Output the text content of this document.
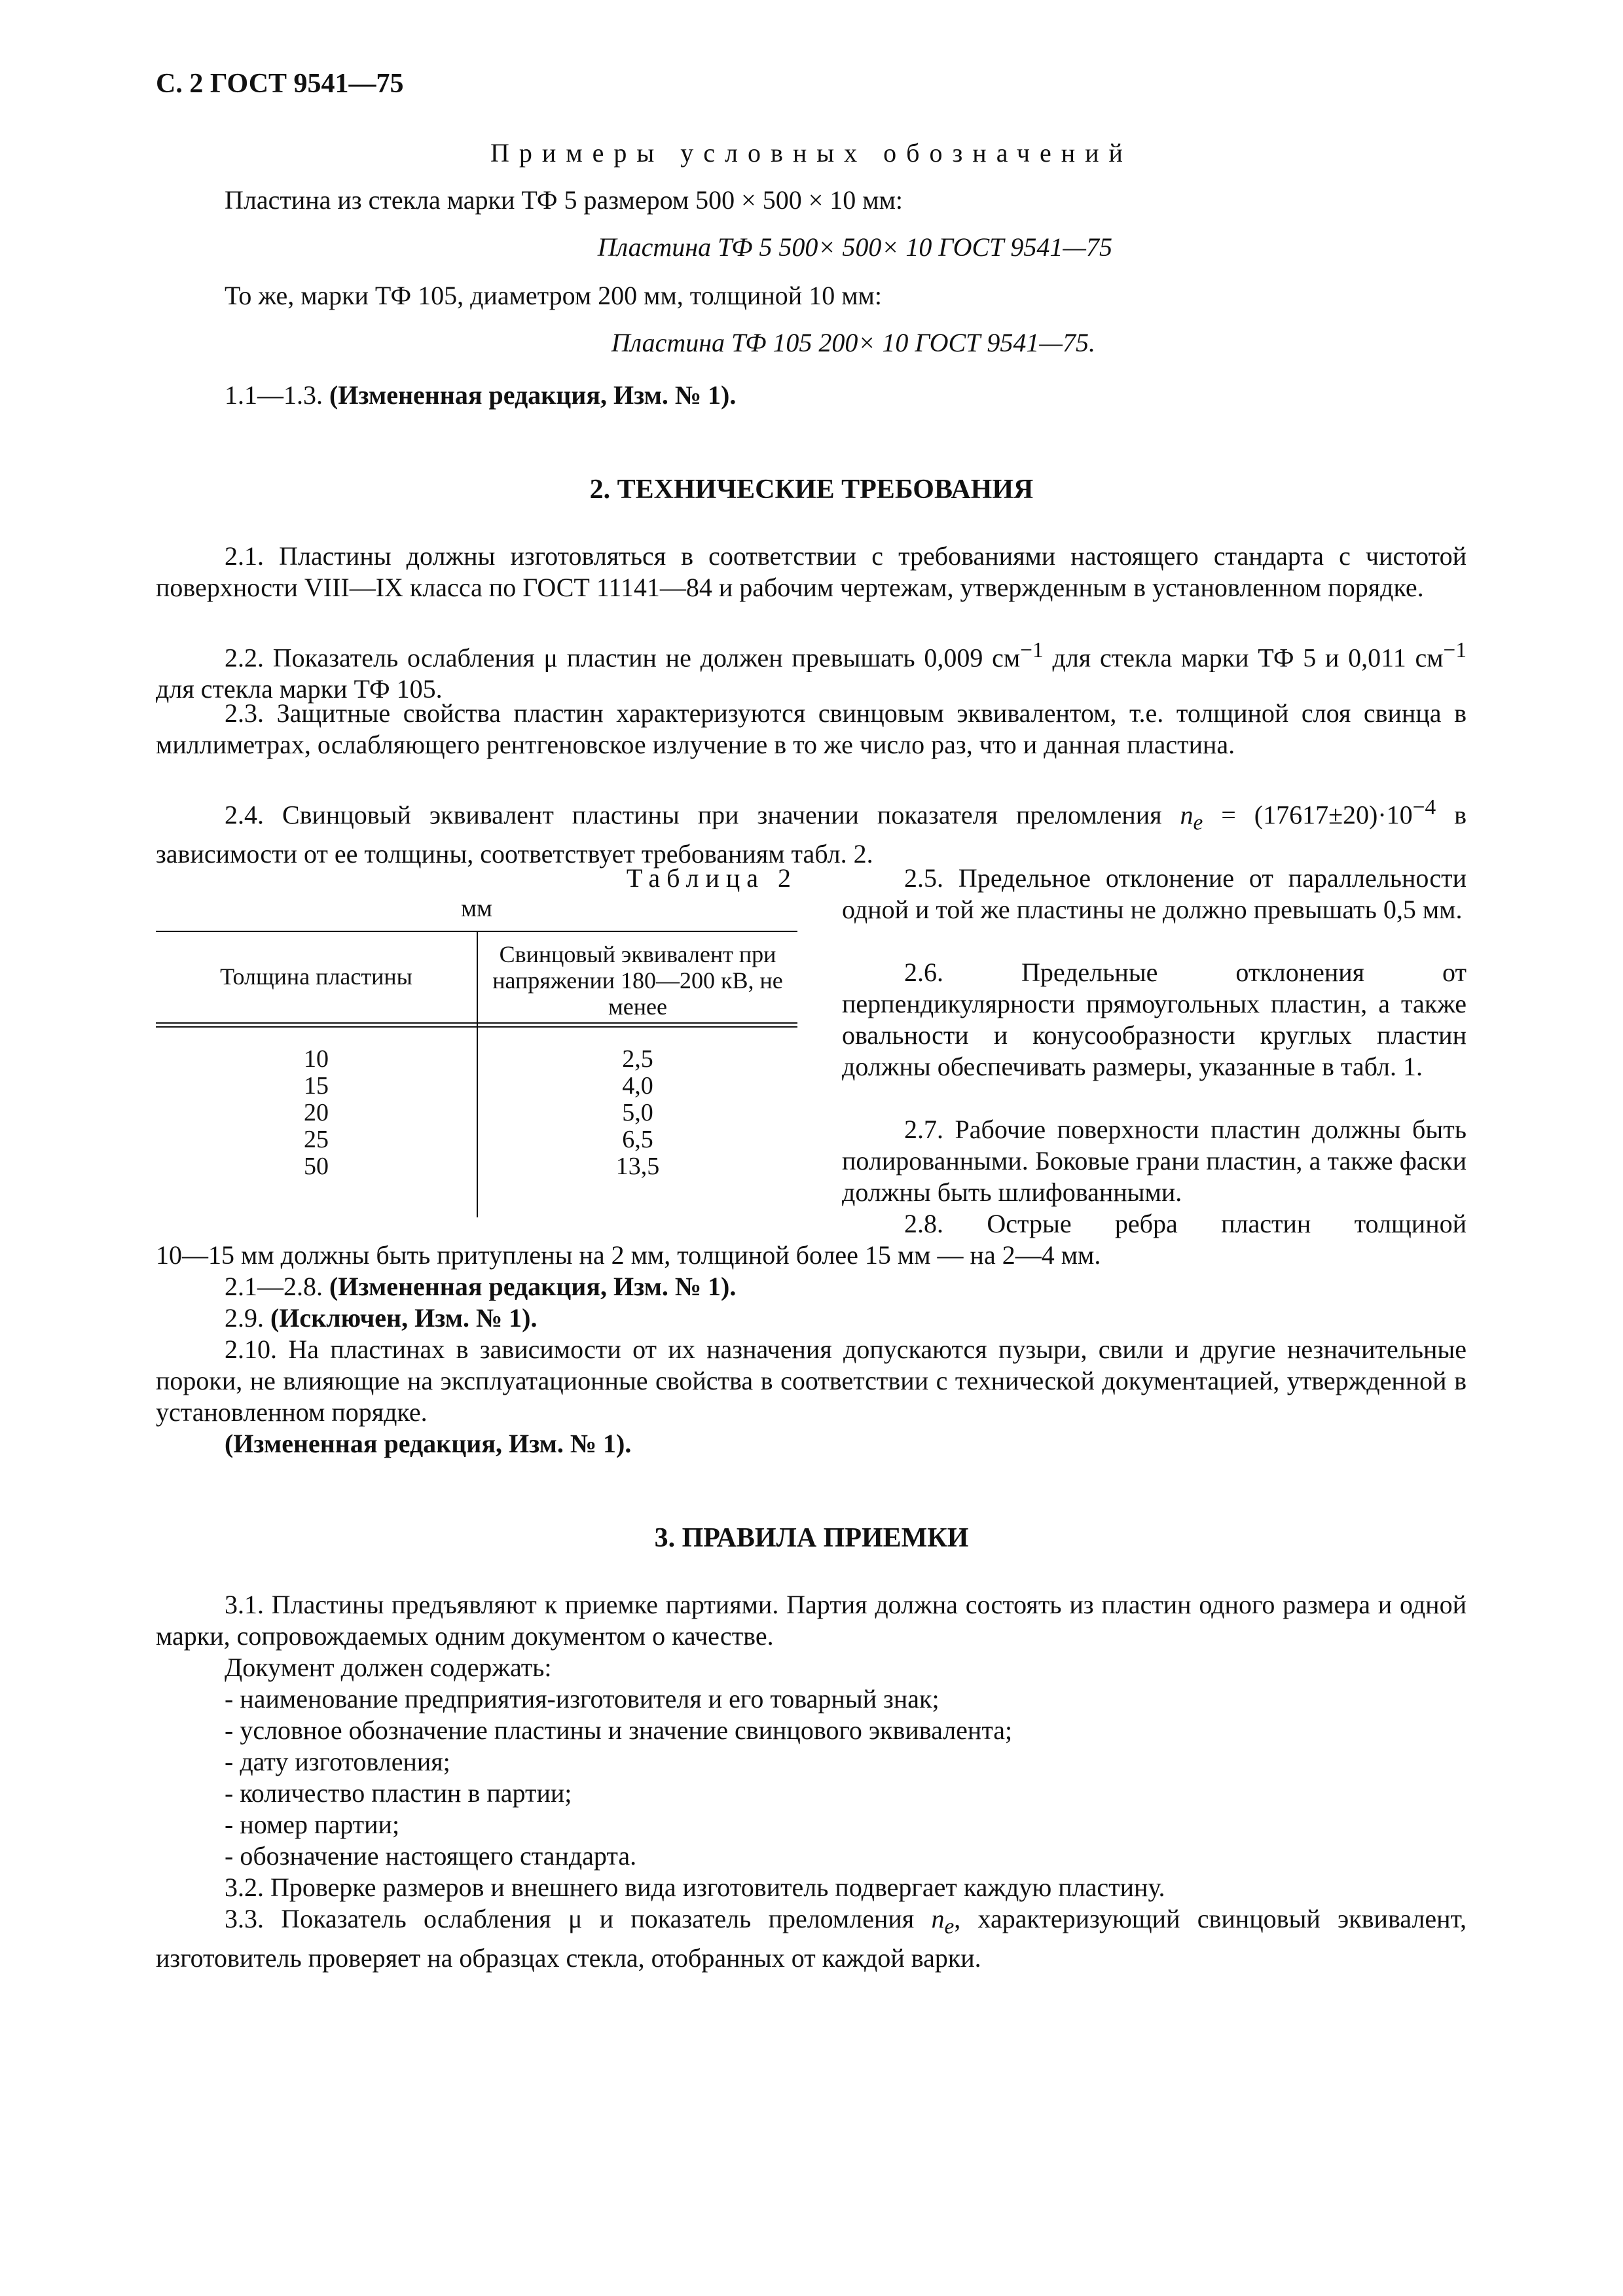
С. 2 ГОСТ 9541—75
Примеры условных обозначений
Пластина из стекла марки ТФ 5 размером 500 × 500 × 10 мм:
Пластина ТФ 5 500× 500× 10 ГОСТ 9541—75
То же, марки ТФ 105, диаметром 200 мм, толщиной 10 мм:
Пластина ТФ 105 200× 10 ГОСТ 9541—75.
1.1—1.3. (Измененная редакция, Изм. № 1).
2. ТЕХНИЧЕСКИЕ ТРЕБОВАНИЯ
2.1. Пластины должны изготовляться в соответствии с требованиями настоящего стандарта с чистотой поверхности VIII—IX класса по ГОСТ 11141—84 и рабочим чертежам, утвержденным в установленном порядке.
2.2. Показатель ослабления μ пластин не должен превышать 0,009 $см^{-1}$ для стекла марки ТФ 5 и 0,011 $см^{-1}$ для стекла марки ТФ 105.
2.3. Защитные свойства пластин характеризуются свинцовым эквивалентом, т.е. толщиной слоя свинца в миллиметрах, ослабляющего рентгеновское излучение в то же число раз, что и данная пластина.
2.4. Свинцовый эквивалент пластины при значении показателя преломления $n_e = (17617\pm 20)\cdot 10^{-4}$ в зависимости от ее толщины, соответствует требованиям табл. 2.
Таблица 2
мм
Толщина пластины
Свинцовый эквивалент при напряжении 180—200 кВ, не менее
10
15
20
25
50
2,5
4,0
5,0
6,5
13,5
2.5. Предельное отклонение от параллельности одной и той же пластины не должно превышать 0,5 мм.
2.6. Предельные отклонения от перпендикулярности прямоугольных пластин, а также овальности и конусообразности круглых пластин должны обеспечивать размеры, указанные в табл. 1.
2.7. Рабочие поверхности пластин должны быть полированными. Боковые грани пластин, а также фаски должны быть шлифованными.
2.8. Острые ребра пластин толщиной
10—15 мм должны быть притуплены на 2 мм, толщиной более 15 мм — на 2—4 мм.
2.1—2.8. (Измененная редакция, Изм. № 1).
2.9. (Исключен, Изм. № 1).
2.10. На пластинах в зависимости от их назначения допускаются пузыри, свили и другие незначительные пороки, не влияющие на эксплуатационные свойства в соответствии с технической документацией, утвержденной в установленном порядке.
(Измененная редакция, Изм. № 1).
3. ПРАВИЛА ПРИЕМКИ
3.1. Пластины предъявляют к приемке партиями. Партия должна состоять из пластин одного размера и одной марки, сопровождаемых одним документом о качестве.
Документ должен содержать:
- наименование предприятия-изготовителя и его товарный знак;
- условное обозначение пластины и значение свинцового эквивалента;
- дату изготовления;
- количество пластин в партии;
- номер партии;
- обозначение настоящего стандарта.
3.2. Проверке размеров и внешнего вида изготовитель подвергает каждую пластину.
3.3. Показатель ослабления μ и показатель преломления $n_e$, характеризующий свинцовый эквивалент, изготовитель проверяет на образцах стекла, отобранных от каждой варки.
